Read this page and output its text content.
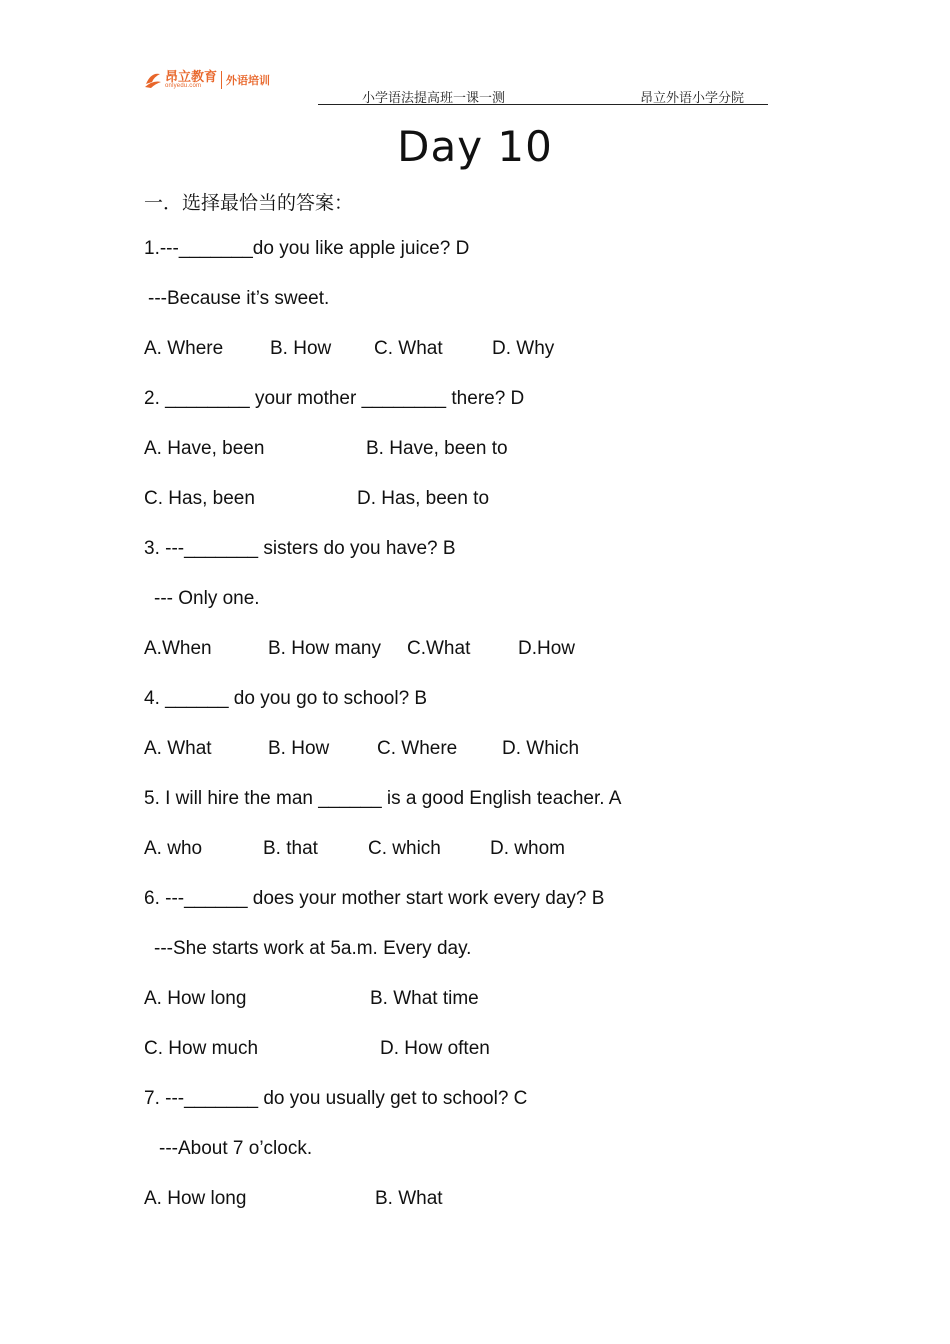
昂立教育
onlyedu.com	外语培训
小学语法提高班一课一测	昂立外语小学分院
Day 10
一．选择最恰当的答案：
1.---_______do you like apple juice? D
---Because it’s sweet.
A. Where B. How C. What	D. Why
2. ________ your mother ________ there? D
A. Have, been	B. Have, been to
C. Has, been	D. Has, been to
3. ---_______ sisters do you have? B
--- Only one.
A.When	B. How many C.What	D.How
4. ______ do you go to school? B
A. What	B. How	C. Where D. Which
5. I will hire the man ______ is a good English teacher. A
A. who	B. that	C. which	D. whom
6. ---______ does your mother start work every day? B
---She starts work at 5a.m. Every day.
A. How long	B. What time
C. How much	D. How often
7. ---_______ do you usually get to school? C
---About 7 o’clock.
A. How long	B. What
